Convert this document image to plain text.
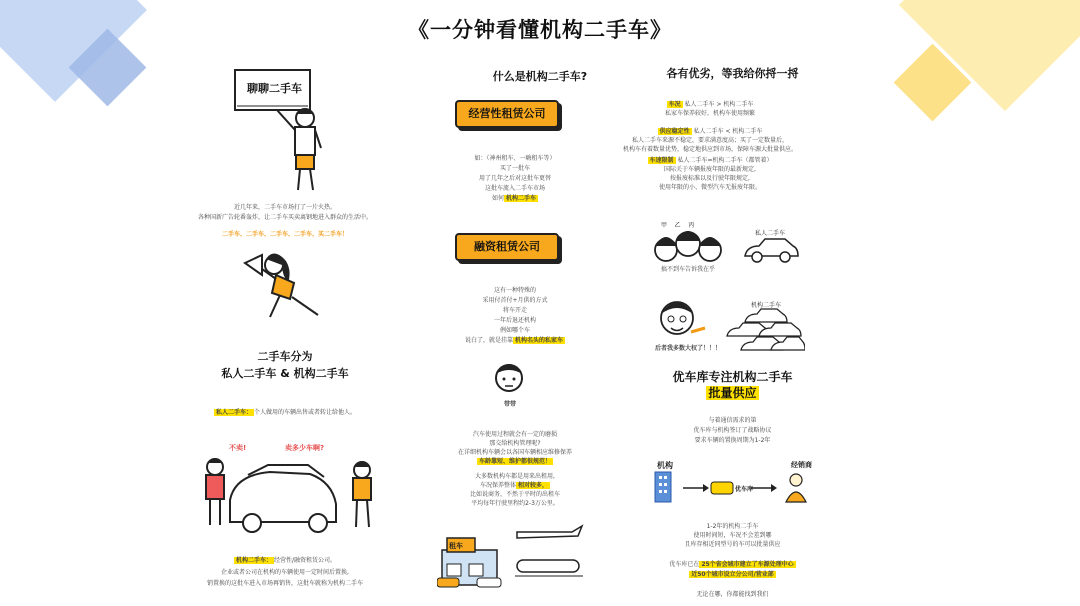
《一分钟看懂机构二手车》
聊聊二手车
近几年来，二手车市场打了一片火热。
各种国新广告轮番轰炸，让二手车买卖离钢地进入群众的生活中。
二手车、二手车、二手车、二手车、买二手车！
二手车分为
私人二手车 & 机构二手车
私人二手车： 个人做用的车辆出售或者转让给他人。
不卖!	卖多少车啊?
机构二手车： 经营性/融资租赁公司。
企业或者公司在机构的车辆使用一定时间后置换,
销置换的这批车进入市场再销售，这批车就称为机构二手车
什么是机构二手车?
经营性租赁公司
如：（神州租车、一嗨租车等）
买了一批车
用了几年之后对这批车更替
这批车流入二手车市场
如何 机构二手车
融资租赁公司
这有一种特殊的
采用付首付+月供的方式
将车开走
一年后退还机构
例如哪个车
说白了，就是挂靠 机构名头的私家车
带带
汽车使用过程就会有一定的磨损
那交给机构管理呢?
在详细机构车辆会以各国车辆相应维修保养
车龄靠短、维护都很规范！
大多数机构车都是用来出租用,
车况保养整体 相对较多，
比如说商务，不然于平时的出租车
平均每年行驶里程约2-3万公里。
租车
各有优劣，等我给你捋一捋
车况 私人二手车 > 机构二手车
私家车保养较好，机构车使用频繁
供应稳定性 私人二手车 < 机构二手车
私人二手车来源不稳定，要求满意度高；买了一定数量后，
机构车有着数量优势，稳定地供应到市场，保障车源大批量供应。
车速限制 私人二手车=机构二手车（都管着）
国际关于车辆报废年限的最新规定,
按报废标准以及行驶年限规定,
使用年限的小、微型汽车无报废年限。
甲    乙    丙
搞不到车告诉我在乎
私人二手车
机构二手车
后者我多数大权了！！！
优车库专注机构二手车
批量供应
与着通信需求的第
优车库与机构签订了战略协议
要求车辆的置换周期为1-2年
机构	经销商
优车库
1-2年的机构二手车
使用时间短，车况不会差到哪
且库存相近同型号的车可以批量供应
优车库已在 25个省会城市建立了车源处理中心
近50个城市设立分公司/营业部
无论在哪，你都能找到我们
